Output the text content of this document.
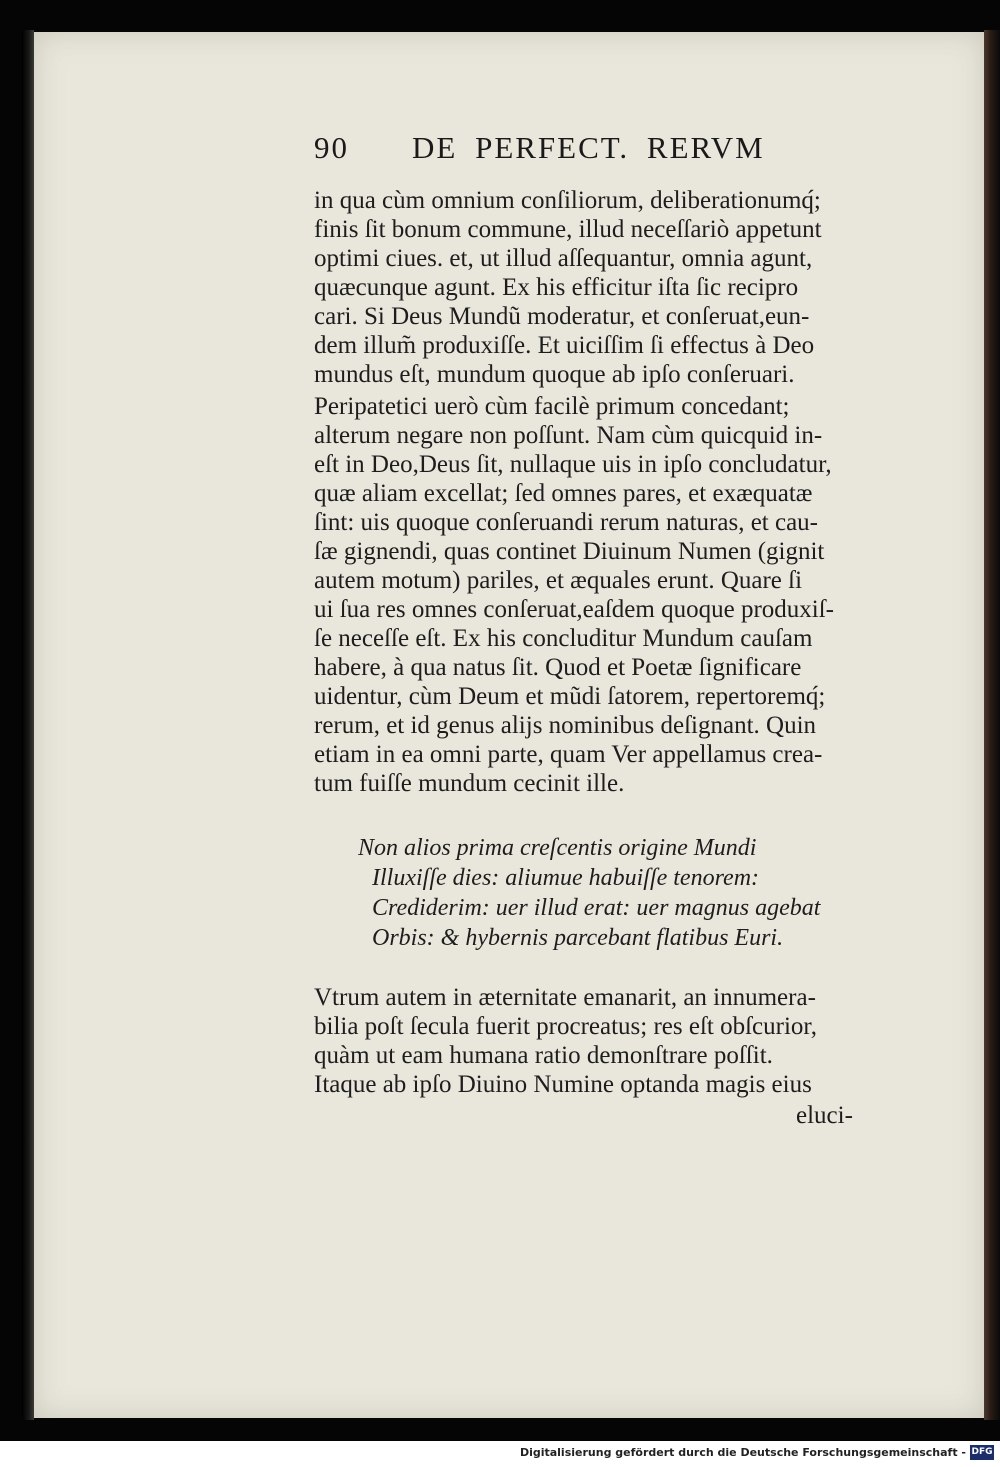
90 DE PERFECT. RERVM
in qua cùm omnium conſiliorum, deliberationumq́;
finis ſit bonum commune, illud neceſſariò appetunt
optimi ciues. et, ut illud aſſequantur, omnia agunt,
quæcunque agunt. Ex his efficitur iſta ſic recipro
cari. Si Deus Mundũ moderatur, et conſeruat,eun-
dem illum̃ produxiſſe. Et uiciſſim ſi effectus à Deo
mundus eſt, mundum quoque ab ipſo conſeruari.
Peripatetici uerò cùm facilè primum concedant;
alterum negare non poſſunt. Nam cùm quicquid in-
eſt in Deo,Deus ſit, nullaque uis in ipſo concludatur,
quæ aliam excellat; ſed omnes pares, et exæquatæ
ſint: uis quoque conſeruandi rerum naturas, et cau-
ſæ gignendi, quas continet Diuinum Numen (gignit
autem motum) pariles, et æquales erunt. Quare ſi
ui ſua res omnes conſeruat,eaſdem quoque produxiſ-
ſe neceſſe eſt. Ex his concluditur Mundum cauſam
habere, à qua natus ſit. Quod et Poetæ ſignificare
uidentur, cùm Deum et mũdi ſatorem, repertoremq́;
rerum, et id genus alijs nominibus deſignant. Quin
etiam in ea omni parte, quam Ver appellamus crea-
tum fuiſſe mundum cecinit ille.
Non alios prima creſcentis origine Mundi
Illuxiſſe dies: aliumue habuiſſe tenorem:
Crediderim: uer illud erat: uer magnus agebat
Orbis: & hybernis parcebant flatibus Euri.
Vtrum autem in æternitate emanarit, an innumera-
bilia poſt ſecula fuerit procreatus; res eſt obſcurior,
quàm ut eam humana ratio demonſtrare poſſit.
Itaque ab ipſo Diuino Numine optanda magis eius
eluci-
Digitalisierung gefördert durch die Deutsche Forschungsgemeinschaft - DFG
